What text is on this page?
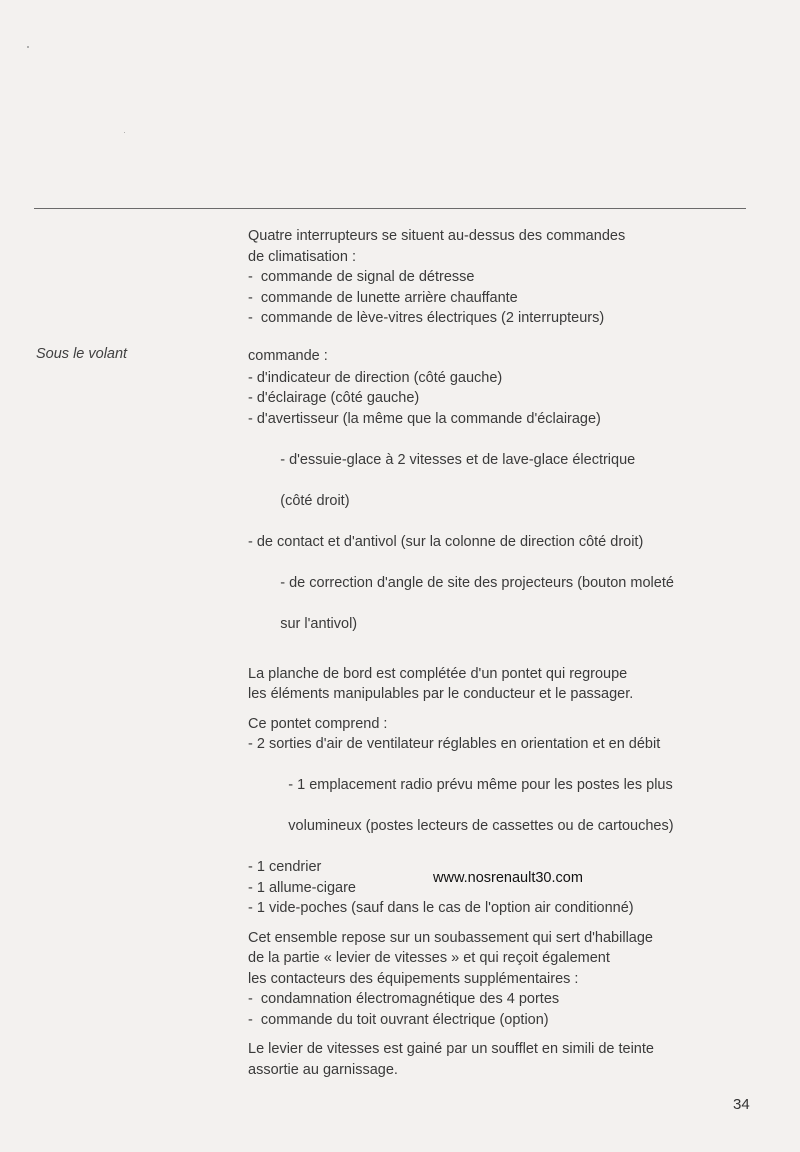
Sous le volant

Quatre interrupteurs se situent au-dessus des commandes

de climatisation :

-  commande de signal de détresse
-  commande de lunette arrière chauffante
-  commande de lève-vitres électriques (2 interrupteurs)

commande :

- d'indicateur de direction (côté gauche)
- d'éclairage (côté gauche)
- d'avertisseur (la même que la commande d'éclairage)

- d'essuie-glace à 2 vitesses et de lave-glace électrique

(côté droit)

- de contact et d'antivol (sur la colonne de direction côté droit)

- de correction d'angle de site des projecteurs (bouton moleté

sur l'antivol)

La planche de bord est complétée d'un pontet qui regroupe

les éléments manipulables par le conducteur et le passager.

Ce pontet comprend :

- 2 sorties d'air de ventilateur réglables en orientation et en débit

- 1 emplacement radio prévu même pour les postes les plus

volumineux (postes lecteurs de cassettes ou de cartouches)

- 1 cendrier
- 1 allume-cigare
- 1 vide-poches (sauf dans le cas de l'option air conditionné)

Cet ensemble repose sur un soubassement qui sert d'habillage

de la partie « levier de vitesses » et qui reçoit également

les contacteurs des équipements supplémentaires :

-  condamnation électromagnétique des 4 portes
-  commande du toit ouvrant électrique (option)

Le levier de vitesses est gainé par un soufflet en simili de teinte

assortie au garnissage.

www.nosrenault30.com
34
